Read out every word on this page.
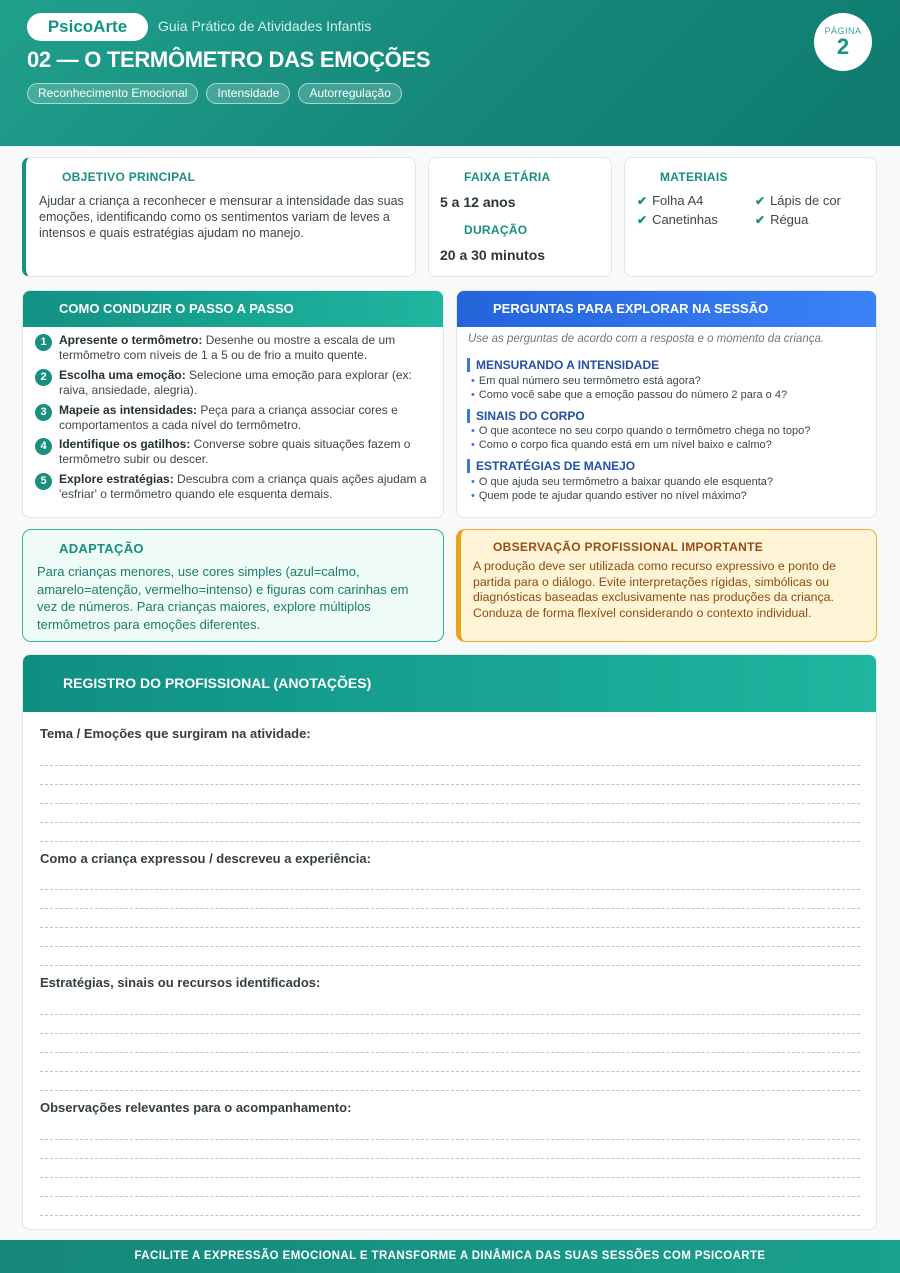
PsicoArte	Guia Prático de Atividades Infantis
02 — O TERMÔMETRO DAS EMOÇÕES
Reconhecimento Emocional	Intensidade	Autorregulação
PÁGINA
2
OBJETIVO PRINCIPAL
Ajudar a criança a reconhecer e mensurar a intensidade das suas emoções, identificando como os sentimentos variam de leves a intensos e quais estratégias ajudam no manejo.
FAIXA ETÁRIA
5 a 12 anos
DURAÇÃO
20 a 30 minutos
MATERIAIS
✔ Folha A4	✔ Lápis de cor
✔ Canetinhas	✔ Régua
COMO CONDUZIR O PASSO A PASSO
1	Apresente o termômetro: Desenhe ou mostre a escala de um termômetro com níveis de 1 a 5 ou de frio a muito quente.
2	Escolha uma emoção: Selecione uma emoção para explorar (ex: raiva, ansiedade, alegria).
3	Mapeie as intensidades: Peça para a criança associar cores e comportamentos a cada nível do termômetro.
4	Identifique os gatilhos: Converse sobre quais situações fazem o termômetro subir ou descer.
5	Explore estratégias: Descubra com a criança quais ações ajudam a 'esfriar' o termômetro quando ele esquenta demais.
PERGUNTAS PARA EXPLORAR NA SESSÃO
Use as perguntas de acordo com a resposta e o momento da criança.
MENSURANDO A INTENSIDADE
• Em qual número seu termômetro está agora?
• Como você sabe que a emoção passou do número 2 para o 4?
SINAIS DO CORPO
• O que acontece no seu corpo quando o termômetro chega no topo?
• Como o corpo fica quando está em um nível baixo e calmo?
ESTRATÉGIAS DE MANEJO
• O que ajuda seu termômetro a baixar quando ele esquenta?
• Quem pode te ajudar quando estiver no nível máximo?
ADAPTAÇÃO
Para crianças menores, use cores simples (azul=calmo, amarelo=atenção, vermelho=intenso) e figuras com carinhas em vez de números. Para crianças maiores, explore múltiplos termômetros para emoções diferentes.
OBSERVAÇÃO PROFISSIONAL IMPORTANTE
A produção deve ser utilizada como recurso expressivo e ponto de partida para o diálogo. Evite interpretações rígidas, simbólicas ou diagnósticas baseadas exclusivamente nas produções da criança. Conduza de forma flexível considerando o contexto individual.
REGISTRO DO PROFISSIONAL (ANOTAÇÕES)
Tema / Emoções que surgiram na atividade:
Como a criança expressou / descreveu a experiência:
Estratégias, sinais ou recursos identificados:
Observações relevantes para o acompanhamento:
FACILITE A EXPRESSÃO EMOCIONAL E TRANSFORME A DINÂMICA DAS SUAS SESSÕES COM PSICOARTE
